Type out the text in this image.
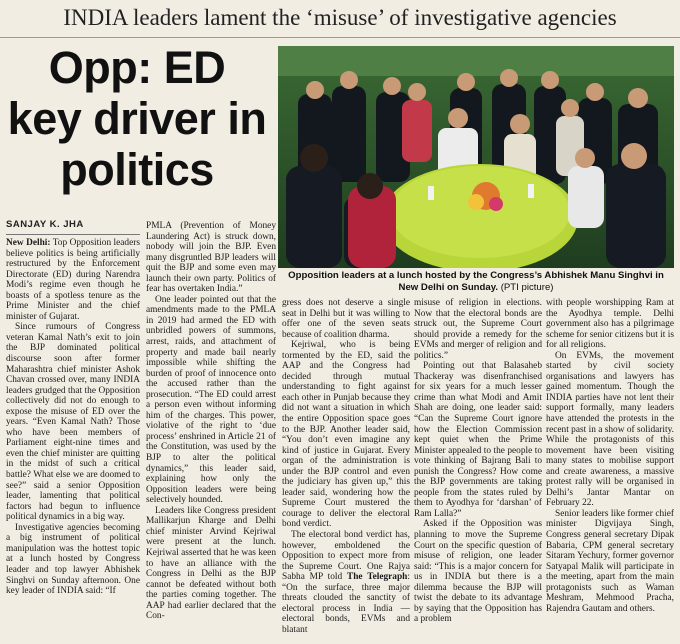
INDIA leaders lament the ‘misuse’ of investigative agencies
Opp: ED key driver in politics
Opposition leaders at a lunch hosted by the Congress’s Abhishek Manu Singhvi in New Delhi on Sunday. (PTI picture)
SANJAY K. JHA

New Delhi: Top Opposition leaders believe politics is being artificially restructured by the Enforcement Directorate (ED) during Narendra Modi’s regime even though he boasts of a spotless tenure as the Prime Minister and the chief minister of Gujarat.

Since rumours of Congress veteran Kamal Nath’s exit to join the BJP dominated political discourse soon after former Maharashtra chief minister Ashok Chavan crossed over, many INDIA leaders grudged that the Opposition collectively did not do enough to expose the misuse of ED over the years. “Even Kamal Nath? Those who have been members of Parliament eight-nine times and even the chief minister are quitting in the midst of such a critical battle? What else we are doomed to see?” said a senior Opposition leader, lamenting that political factors had begun to influence political dynamics in a big way.

Investigative agencies becoming a big instrument of political manipulation was the hottest topic at a lunch hosted by Congress leader and top lawyer Abhishek Singhvi on Sunday afternoon. One key leader of INDIA said: “If

PMLA (Prevention of Money Laundering Act) is struck down, nobody will join the BJP. Even many disgruntled BJP leaders will quit the BJP and some even may launch their own party. Politics of fear has overtaken India.”

One leader pointed out that the amendments made to the PMLA in 2019 had armed the ED with unbridled powers of summons, arrest, raids, and attachment of property and made bail nearly impossible while shifting the burden of proof of innocence onto the accused rather than the prosecution. “The ED could arrest a person even without informing him of the charges. This power, violative of the right to ‘due process’ enshrined in Article 21 of the Constitution, was used by the BJP to alter the political dynamics,” this leader said, explaining how only the Opposition leaders were being selectively hounded.

Leaders like Congress president Mallikarjun Kharge and Delhi chief minister Arvind Kejriwal were present at the lunch. Kejriwal asserted that he was keen to have an alliance with the Congress in Delhi as the BJP cannot be defeated without both the parties coming together. The AAP had earlier declared that the Con-

gress does not deserve a single seat in Delhi but it was willing to offer one of the seven seats because of coalition dharma.

Kejriwal, who is being tormented by the ED, said the AAP and the Congress had decided through mutual understanding to fight against each other in Punjab because they did not want a situation in which the entire Opposition space goes to the BJP. Another leader said, “You don’t even imagine any kind of justice in Gujarat. Every organ of the administration is under the BJP control and even the judiciary has given up,” this leader said, wondering how the Supreme Court mustered the courage to deliver the electoral bond verdict.

The electoral bond verdict has, however, emboldened the Opposition to expect more from the Supreme Court. One Rajya Sabha MP told The Telegraph: “On the surface, three major threats clouded the sanctity of electoral process in India — electoral bonds, EVMs and blatant

misuse of religion in elections. Now that the electoral bonds are struck out, the Supreme Court should provide a remedy for the EVMs and merger of religion and politics.”

Pointing out that Balasaheb Thackeray was disenfranchised for six years for a much lesser crime than what Modi and Amit Shah are doing, one leader said: “Can the Supreme Court ignore how the Election Commission kept quiet when the Prime Minister appealed to the people to vote thinking of Bajrang Bali to punish the Congress? How come the BJP governments are taking people from the states ruled by them to Ayodhya for ‘darshan’ of Ram Lalla?”

Asked if the Opposition was planning to move the Supreme Court on the specific question of misuse of religion, one leader said: “This is a major concern for us in INDIA but there is a dilemma because the BJP will twist the debate to its advantage by saying that the Opposition has a problem

with people worshipping Ram at the Ayodhya temple. Delhi government also has a pilgrimage scheme for senior citizens but it is for all religions.

On EVMs, the movement started by civil society organisations and lawyers has gained momentum. Though the INDIA parties have not lent their support formally, many leaders have attended the protests in the recent past in a show of solidarity. While the protagonists of this movement have been visiting many states to mobilise support and create awareness, a massive protest rally will be organised in Delhi’s Jantar Mantar on February 22.

Senior leaders like former chief minister Digvijaya Singh, Congress general secretary Dipak Babaria, CPM general secretary Sitaram Yechury, former governor Satyapal Malik will participate in the meeting, apart from the main protagonists such as Waman Meshram, Mehmood Pracha, Rajendra Gautam and others.
